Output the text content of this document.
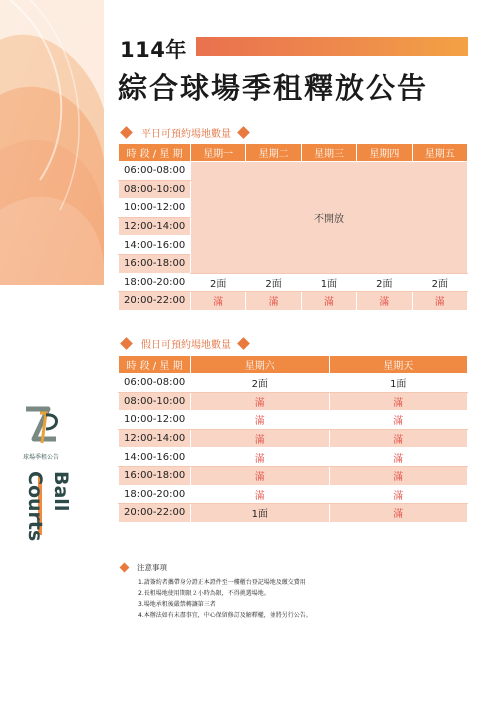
114年
綜合球場季租釋放公告
平日可預約場地數量
時 段 / 星 期	星期一	星期二	星期三	星期四	星期五
06:00-08:00	不開放				
08:00-10:00					
10:00-12:00					
12:00-14:00					
14:00-16:00					
16:00-18:00					
18:00-20:00	2面	2面	1面	2面	2面
20:00-22:00	滿	滿	滿	滿	滿
假日可預約場地數量
時 段 / 星 期	星期六	星期天
06:00-08:00	2面	1面
08:00-10:00	滿	滿
10:00-12:00	滿	滿
12:00-14:00	滿	滿
14:00-16:00	滿	滿
16:00-18:00	滿	滿
18:00-20:00	滿	滿
20:00-22:00	1面	滿
球場季租公告
Ball
Courts
注意事項
1.請簽約者攜帶身分證正本證件至一樓櫃台登記場地及繳交費用
2.長租場地使用期限２小時為限，不得挑選場地。
3.場地承租後嚴禁轉讓第三者
4.本辦法如有未盡事宜，中心保留修訂及解釋權，並將另行公告。
